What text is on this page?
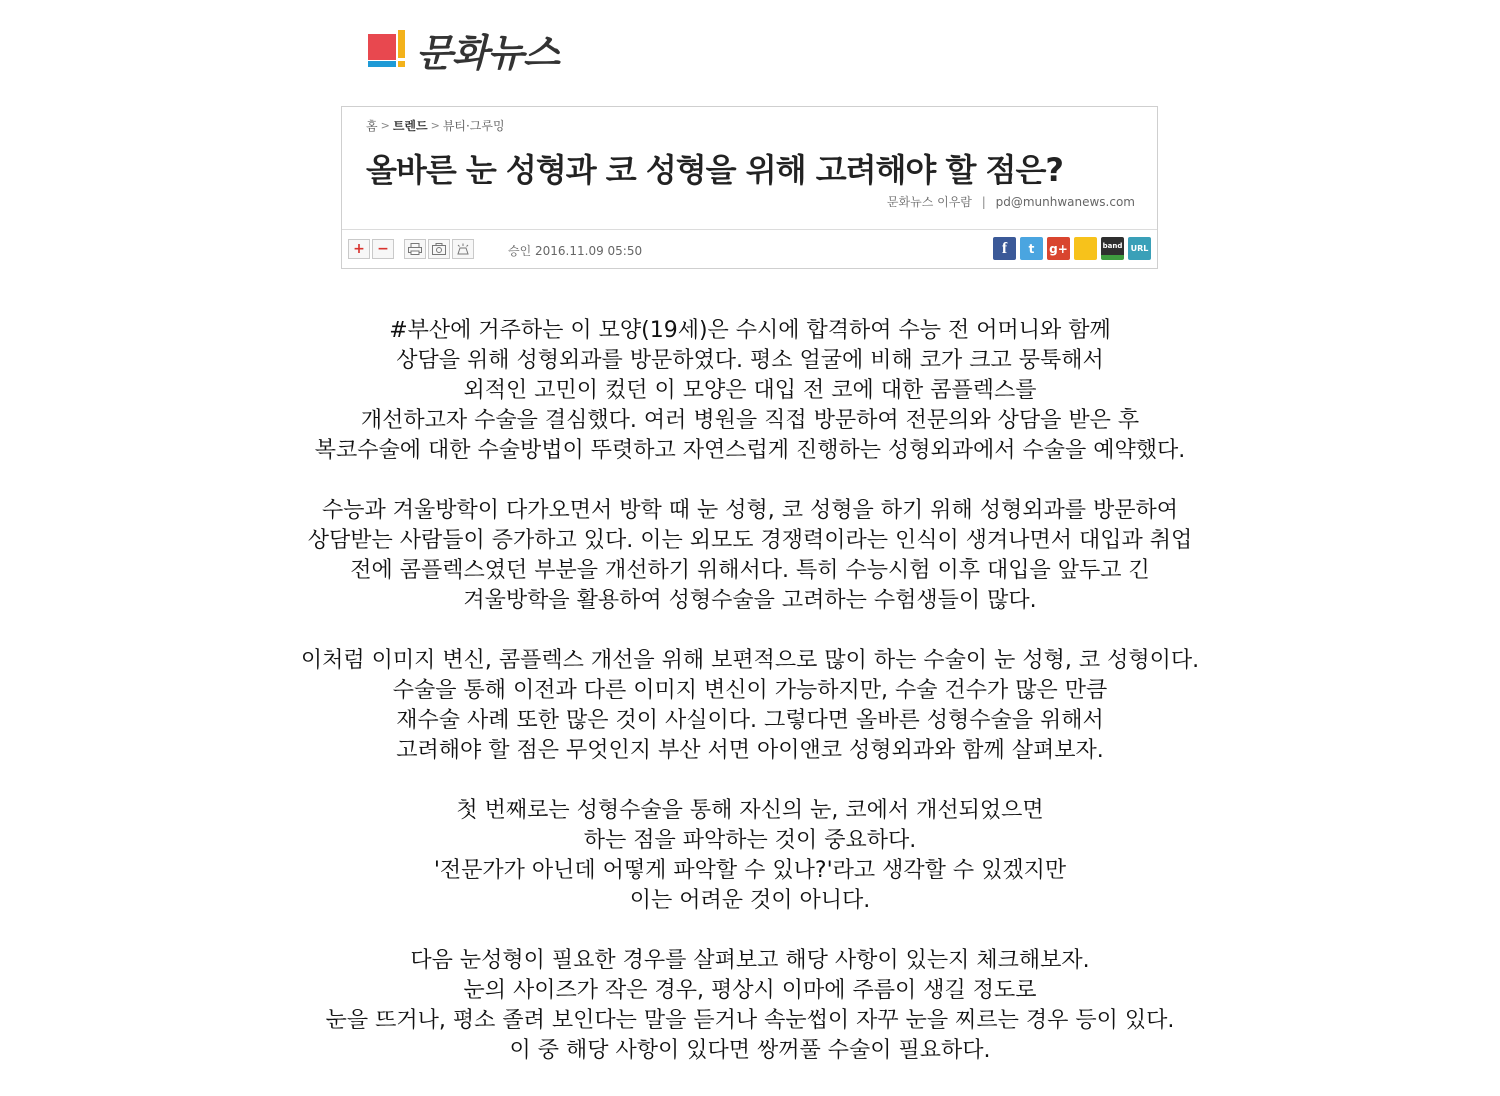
문화뉴스
홈 > 트렌드 > 뷰티·그루밍
올바른 눈 성형과 코 성형을 위해 고려해야 할 점은?
문화뉴스 이우람 | pd@munhwanews.com
+ −	승인 2016.11.09 05:50	f	t	g+	band	URL
#부산에 거주하는 이 모양(19세)은 수시에 합격하여 수능 전 어머니와 함께
상담을 위해 성형외과를 방문하였다. 평소 얼굴에 비해 코가 크고 뭉툭해서
외적인 고민이 컸던 이 모양은 대입 전 코에 대한 콤플렉스를
개선하고자 수술을 결심했다. 여러 병원을 직접 방문하여 전문의와 상담을 받은 후
복코수술에 대한 수술방법이 뚜렷하고 자연스럽게 진행하는 성형외과에서 수술을 예약했다.
수능과 겨울방학이 다가오면서 방학 때 눈 성형, 코 성형을 하기 위해 성형외과를 방문하여
상담받는 사람들이 증가하고 있다. 이는 외모도 경쟁력이라는 인식이 생겨나면서 대입과 취업
전에 콤플렉스였던 부분을 개선하기 위해서다. 특히 수능시험 이후 대입을 앞두고 긴
겨울방학을 활용하여 성형수술을 고려하는 수험생들이 많다.
이처럼 이미지 변신, 콤플렉스 개선을 위해 보편적으로 많이 하는 수술이 눈 성형, 코 성형이다.
수술을 통해 이전과 다른 이미지 변신이 가능하지만, 수술 건수가 많은 만큼
재수술 사례 또한 많은 것이 사실이다. 그렇다면 올바른 성형수술을 위해서
고려해야 할 점은 무엇인지 부산 서면 아이앤코 성형외과와 함께 살펴보자.
첫 번째로는 성형수술을 통해 자신의 눈, 코에서 개선되었으면
하는 점을 파악하는 것이 중요하다.
'전문가가 아닌데 어떻게 파악할 수 있나?'라고 생각할 수 있겠지만
이는 어려운 것이 아니다.
다음 눈성형이 필요한 경우를 살펴보고 해당 사항이 있는지 체크해보자.
눈의 사이즈가 작은 경우, 평상시 이마에 주름이 생길 정도로
눈을 뜨거나, 평소 졸려 보인다는 말을 듣거나 속눈썹이 자꾸 눈을 찌르는 경우 등이 있다.
이 중 해당 사항이 있다면 쌍꺼풀 수술이 필요하다.
